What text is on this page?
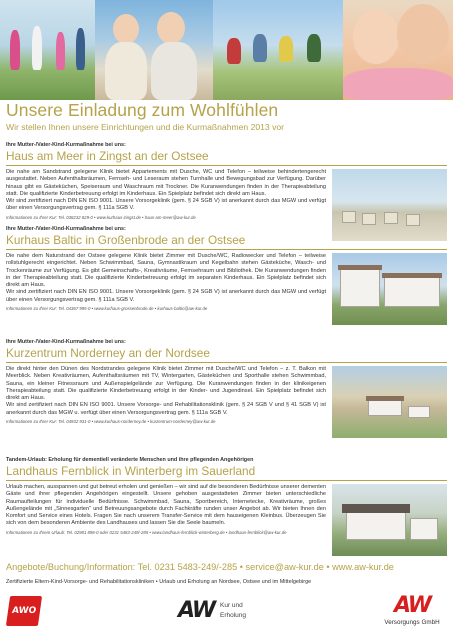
Unsere Einladung zum Wohlfühlen
Wir stellen Ihnen unsere Einrichtungen und die Kurmaßnahmen 2013 vor
Ihre Mutter-/Vater-Kind-Kurmaßnahme bei uns:
Haus am Meer in Zingst an der Ostsee

Die nahe am Sandstrand gelegene Klinik bietet Appartements mit Dusche, WC und Telefon – teilweise behindertengerecht ausgestattet. Neben Aufenthaltsräumen, Fernseh- und Leseraum stehen Turnhalle und Bewegungsbad zur Verfügung. Darüber hinaus gibt es Gästeküchen, Speiseraum und Waschraum mit Trockner. Die Kuranwendungen finden in der Therapieabteilung statt. Die qualifizierte Kinderbetreuung erfolgt im Kinderhaus. Ein Spielplatz befindet sich direkt am Haus.

Wir sind zertifiziert nach DIN EN ISO 9001. Unsere Vorsorgeklinik (gem. § 24 SGB V) ist anerkannt durch das MGW und verfügt über einen Versorgungsvertrag gem. § 111a SGB V.

Informationen zu Ihrer Kur: Tel. 038232 829-0 • www.kurhaus-zingst.de • haus-am-meer@aw-kur.de
Ihre Mutter-/Vater-Kind-Kurmaßnahme bei uns:
Kurhaus Baltic in Großenbrode an der Ostsee

Die nahe dem Naturstrand der Ostsee gelegene Klinik bietet Zimmer mit Dusche/WC, Radiowecker und Telefon – teilweise rollstuhlgerecht eingerichtet. Neben Schwimmbad, Sauna, Gymnastikraum und Kegelbahn stehen Gästeküche, Wasch- und Trockenräume zur Verfügung. Es gibt Gemeinschafts-, Kreativräume, Fernsehraum und Bibliothek. Die Kuranwendungen finden in der Therapieabteilung statt. Die qualifizierte Kinderbetreuung erfolgt im separaten Kinderhaus. Ein Spielplatz befindet sich direkt am Haus.

Wir sind zertifiziert nach DIN EN ISO 9001. Unsere Vorsorgeklinik (gem. § 24 SGB V) ist anerkannt durch das MGW und verfügt über einen Versorgungsvertrag gem. § 111a SGB V.

Informationen zu Ihrer Kur: Tel. 04367 995-0 • www.kurhaus-grossenbrode.de • kurhaus-baltic@aw-kur.de
Ihre Mutter-/Vater-Kind-Kurmaßnahme bei uns:
Kurzentrum Norderney an der Nordsee

Die direkt hinter den Dünen des Nordstrandes gelegene Klinik bietet Zimmer mit Dusche/WC und Telefon – z. T. Balkon mit Meerblick. Neben Kreativräumen, Aufenthaltsräumen mit TV, Wintergarten, Gästeküchen und Sporthalle stehen Schwimmbad, Sauna, ein kleiner Fitnessraum und Außenspielgelände zur Verfügung. Die Kuranwendungen finden in der klinikeigenen Therapieabteilung statt. Die qualifizierte Kinderbetreuung erfolgt in der Kinder- und Jugendinsel. Ein Spielplatz befindet sich direkt am Haus.

Wir sind zertifiziert nach DIN EN ISO 9001. Unsere Vorsorge- und Rehabilitationsklinik (gem. § 24 SGB V und § 41 SGB V) ist anerkannt durch das MGW u. verfügt über einen Versorgungsvertrag gem. § 111a SGB V.

Informationen zu Ihrer Kur: Tel. 04932 931-0 • www.kurhaus-norderney.de • kurzentrum-norderney@aw-kur.de
Tandem-Urlaub: Erholung für dementiell veränderte Menschen und ihre pflegenden Angehörigen
Landhaus Fernblick in Winterberg im Sauerland

Urlaub machen, ausspannen und gut betreut erholen und genießen – wir sind auf die besonderen Bedürfnisse unserer dementen Gäste und ihrer pflegenden Angehörigen eingestellt. Unsere gehoben ausgestatteten Zimmer bieten unterschiedliche Raumaufteilungen für individuelle Bedürfnisse. Schwimmbad, Sauna, Sportbereich, Internetecke, Kreativräume, großes Außengelände mit „Sinnesgarten“ und Betreuungsangebote durch Fachkräfte runden unser Angebot ab. Wir bieten Ihnen den Komfort und Service eines Hotels. Fragen Sie nach unserem Transfer-Service mit dem hauseigenen Kleinbus. Überzeugen Sie sich von dem besonderen Ambiente des Landhauses und lassen Sie die Seele baumeln.

Informationen zu Ihrem Urlaub: Tel. 02981 898-0 oder 0231 5483-249/-285 • www.landhaus-fernblick-winterberg.de • landhaus-fernblick@aw-kur.de
Angebote/Buchung/Information: Tel. 0231 5483-249/-285 • service@aw-kur.de • www.aw-kur.de
Zertifizierte Eltern-Kind-Vorsorge- und Rehabilitationskliniken • Urlaub und Erholung an Nordsee, Ostsee und im Mittelgebirge
AWO	AW Kur und
Erholung	AW
Versorgungs GmbH
